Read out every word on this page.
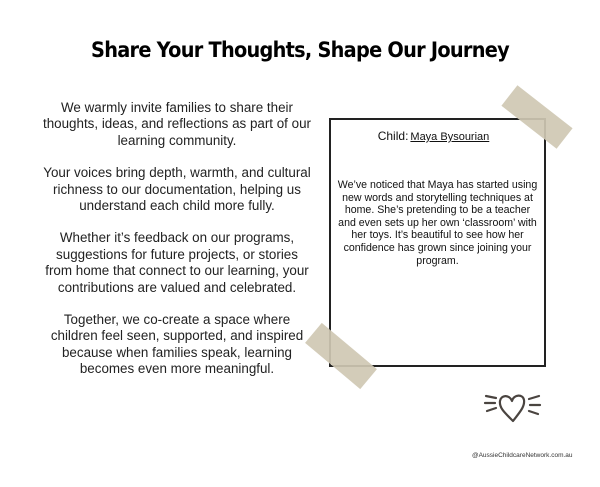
Share Your Thoughts, Shape Our Journey

We warmly invite families to share their thoughts, ideas, and reflections as part of our learning community.

Your voices bring depth, warmth, and cultural richness to our documentation, helping us understand each child more fully.

Whether it’s feedback on our programs, suggestions for future projects, or stories from home that connect to our learning, your contributions are valued and celebrated.

Together, we co-create a space where children feel seen, supported, and inspired because when families speak, learning becomes even more meaningful.

Child: Maya Bysourian
We’ve noticed that Maya has started using new words and storytelling techniques at home. She’s pretending to be a teacher and even sets up her own ‘classroom’ with her toys. It’s beautiful to see how her confidence has grown since joining your program.
@AussieChildcareNetwork.com.au
